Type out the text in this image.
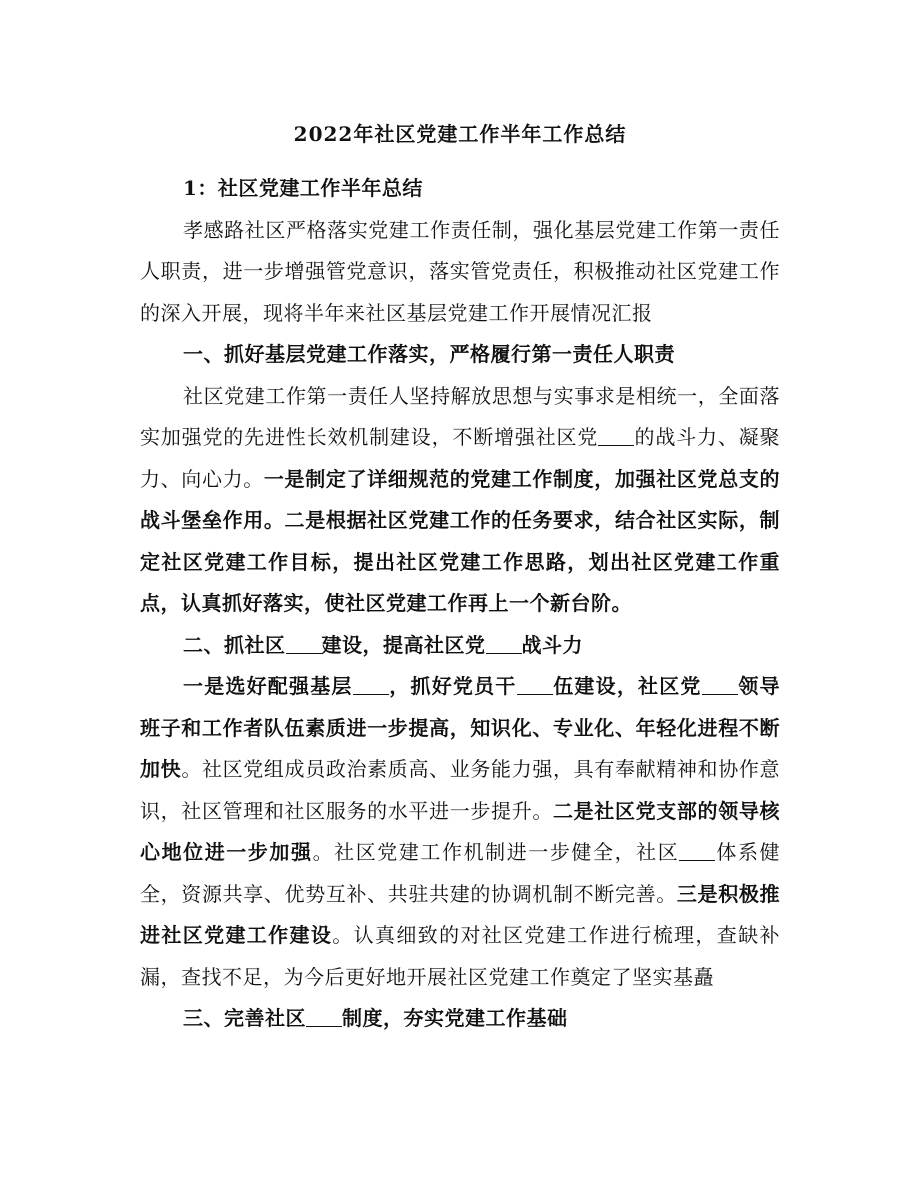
2022年社区党建工作半年工作总结

1：社区党建工作半年总结

孝感路社区严格落实党建工作责任制，强化基层党建工作第一责任人职责，进一步增强管党意识，落实管党责任，积极推动社区党建工作的深入开展，现将半年来社区基层党建工作开展情况汇报

一、抓好基层党建工作落实，严格履行第一责任人职责

社区党建工作第一责任人坚持解放思想与实事求是相统一，全面落实加强党的先进性长效机制建设，不断增强社区党 的战斗力、凝聚力、向心力。一是制定了详细规范的党建工作制度，加强社区党总支的战斗堡垒作用。二是根据社区党建工作的任务要求，结合社区实际，制定社区党建工作目标，提出社区党建工作思路，划出社区党建工作重点，认真抓好落实，使社区党建工作再上一个新台阶。

二、抓社区 建设，提高社区党 战斗力

一是选好配强基层 ，抓好党员干 伍建设，社区党 领导班子和工作者队伍素质进一步提高，知识化、专业化、年轻化进程不断加快。社区党组成员政治素质高、业务能力强，具有奉献精神和协作意识，社区管理和社区服务的水平进一步提升。二是社区党支部的领导核心地位进一步加强。社区党建工作机制进一步健全，社区 体系健全，资源共享、优势互补、共驻共建的协调机制不断完善。三是积极推进社区党建工作建设。认真细致的对社区党建工作进行梳理，查缺补漏，查找不足，为今后更好地开展社区党建工作奠定了坚实基矗

三、完善社区 制度，夯实党建工作基础
